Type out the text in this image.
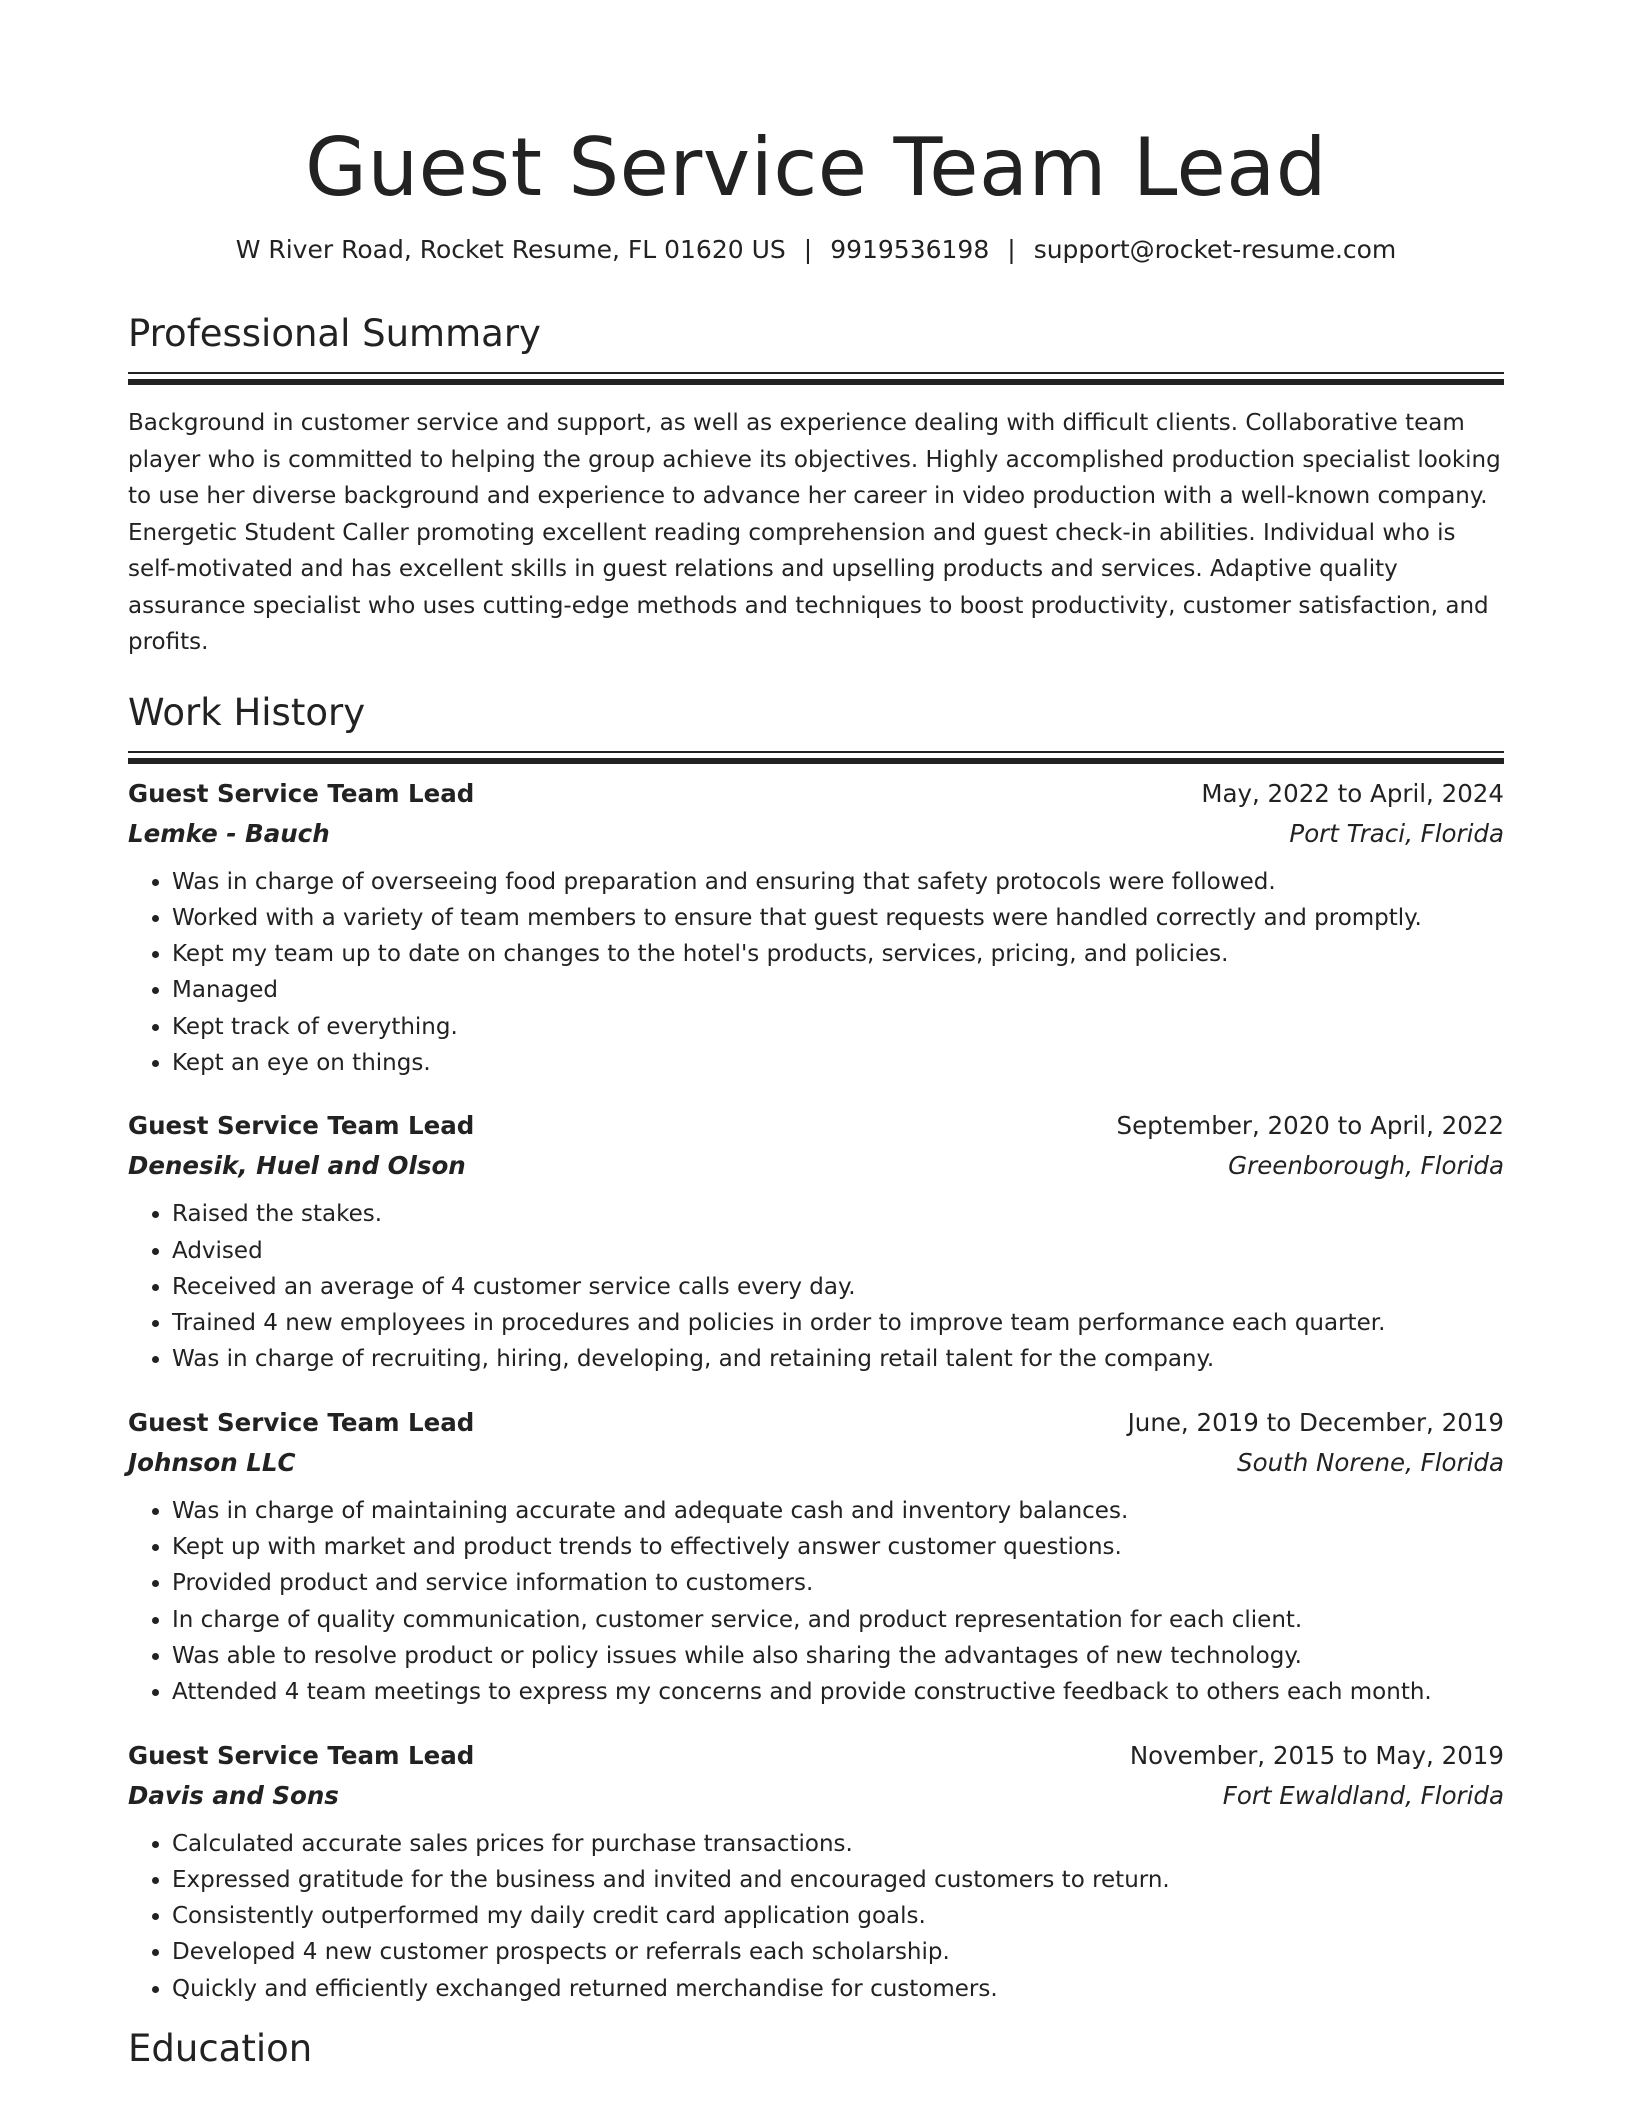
Guest Service Team Lead
W River Road, Rocket Resume, FL 01620 US | 9919536198 | support@rocket-resume.com
Professional Summary

Background in customer service and support, as well as experience dealing with difficult clients. Collaborative team player who is committed to helping the group achieve its objectives. Highly accomplished production specialist looking to use her diverse background and experience to advance her career in video production with a well-known company. Energetic Student Caller promoting excellent reading comprehension and guest check-in abilities. Individual who is self-motivated and has excellent skills in guest relations and upselling products and services. Adaptive quality assurance specialist who uses cutting-edge methods and techniques to boost productivity, customer satisfaction, and profits.

Work History
Guest Service Team Lead	May, 2022 to April, 2024
Lemke - Bauch	Port Traci, Florida
• Was in charge of overseeing food preparation and ensuring that safety protocols were followed.
• Worked with a variety of team members to ensure that guest requests were handled correctly and promptly.
• Kept my team up to date on changes to the hotel's products, services, pricing, and policies.
• Managed
• Kept track of everything.
• Kept an eye on things.
Guest Service Team Lead	September, 2020 to April, 2022
Denesik, Huel and Olson	Greenborough, Florida
• Raised the stakes.
• Advised
• Received an average of 4 customer service calls every day.
• Trained 4 new employees in procedures and policies in order to improve team performance each quarter.
• Was in charge of recruiting, hiring, developing, and retaining retail talent for the company.
Guest Service Team Lead	June, 2019 to December, 2019
Johnson LLC	South Norene, Florida
• Was in charge of maintaining accurate and adequate cash and inventory balances.
• Kept up with market and product trends to effectively answer customer questions.
• Provided product and service information to customers.
• In charge of quality communication, customer service, and product representation for each client.
• Was able to resolve product or policy issues while also sharing the advantages of new technology.
• Attended 4 team meetings to express my concerns and provide constructive feedback to others each month.
Guest Service Team Lead	November, 2015 to May, 2019
Davis and Sons	Fort Ewaldland, Florida
• Calculated accurate sales prices for purchase transactions.
• Expressed gratitude for the business and invited and encouraged customers to return.
• Consistently outperformed my daily credit card application goals.
• Developed 4 new customer prospects or referrals each scholarship.
• Quickly and efficiently exchanged returned merchandise for customers.
Education
